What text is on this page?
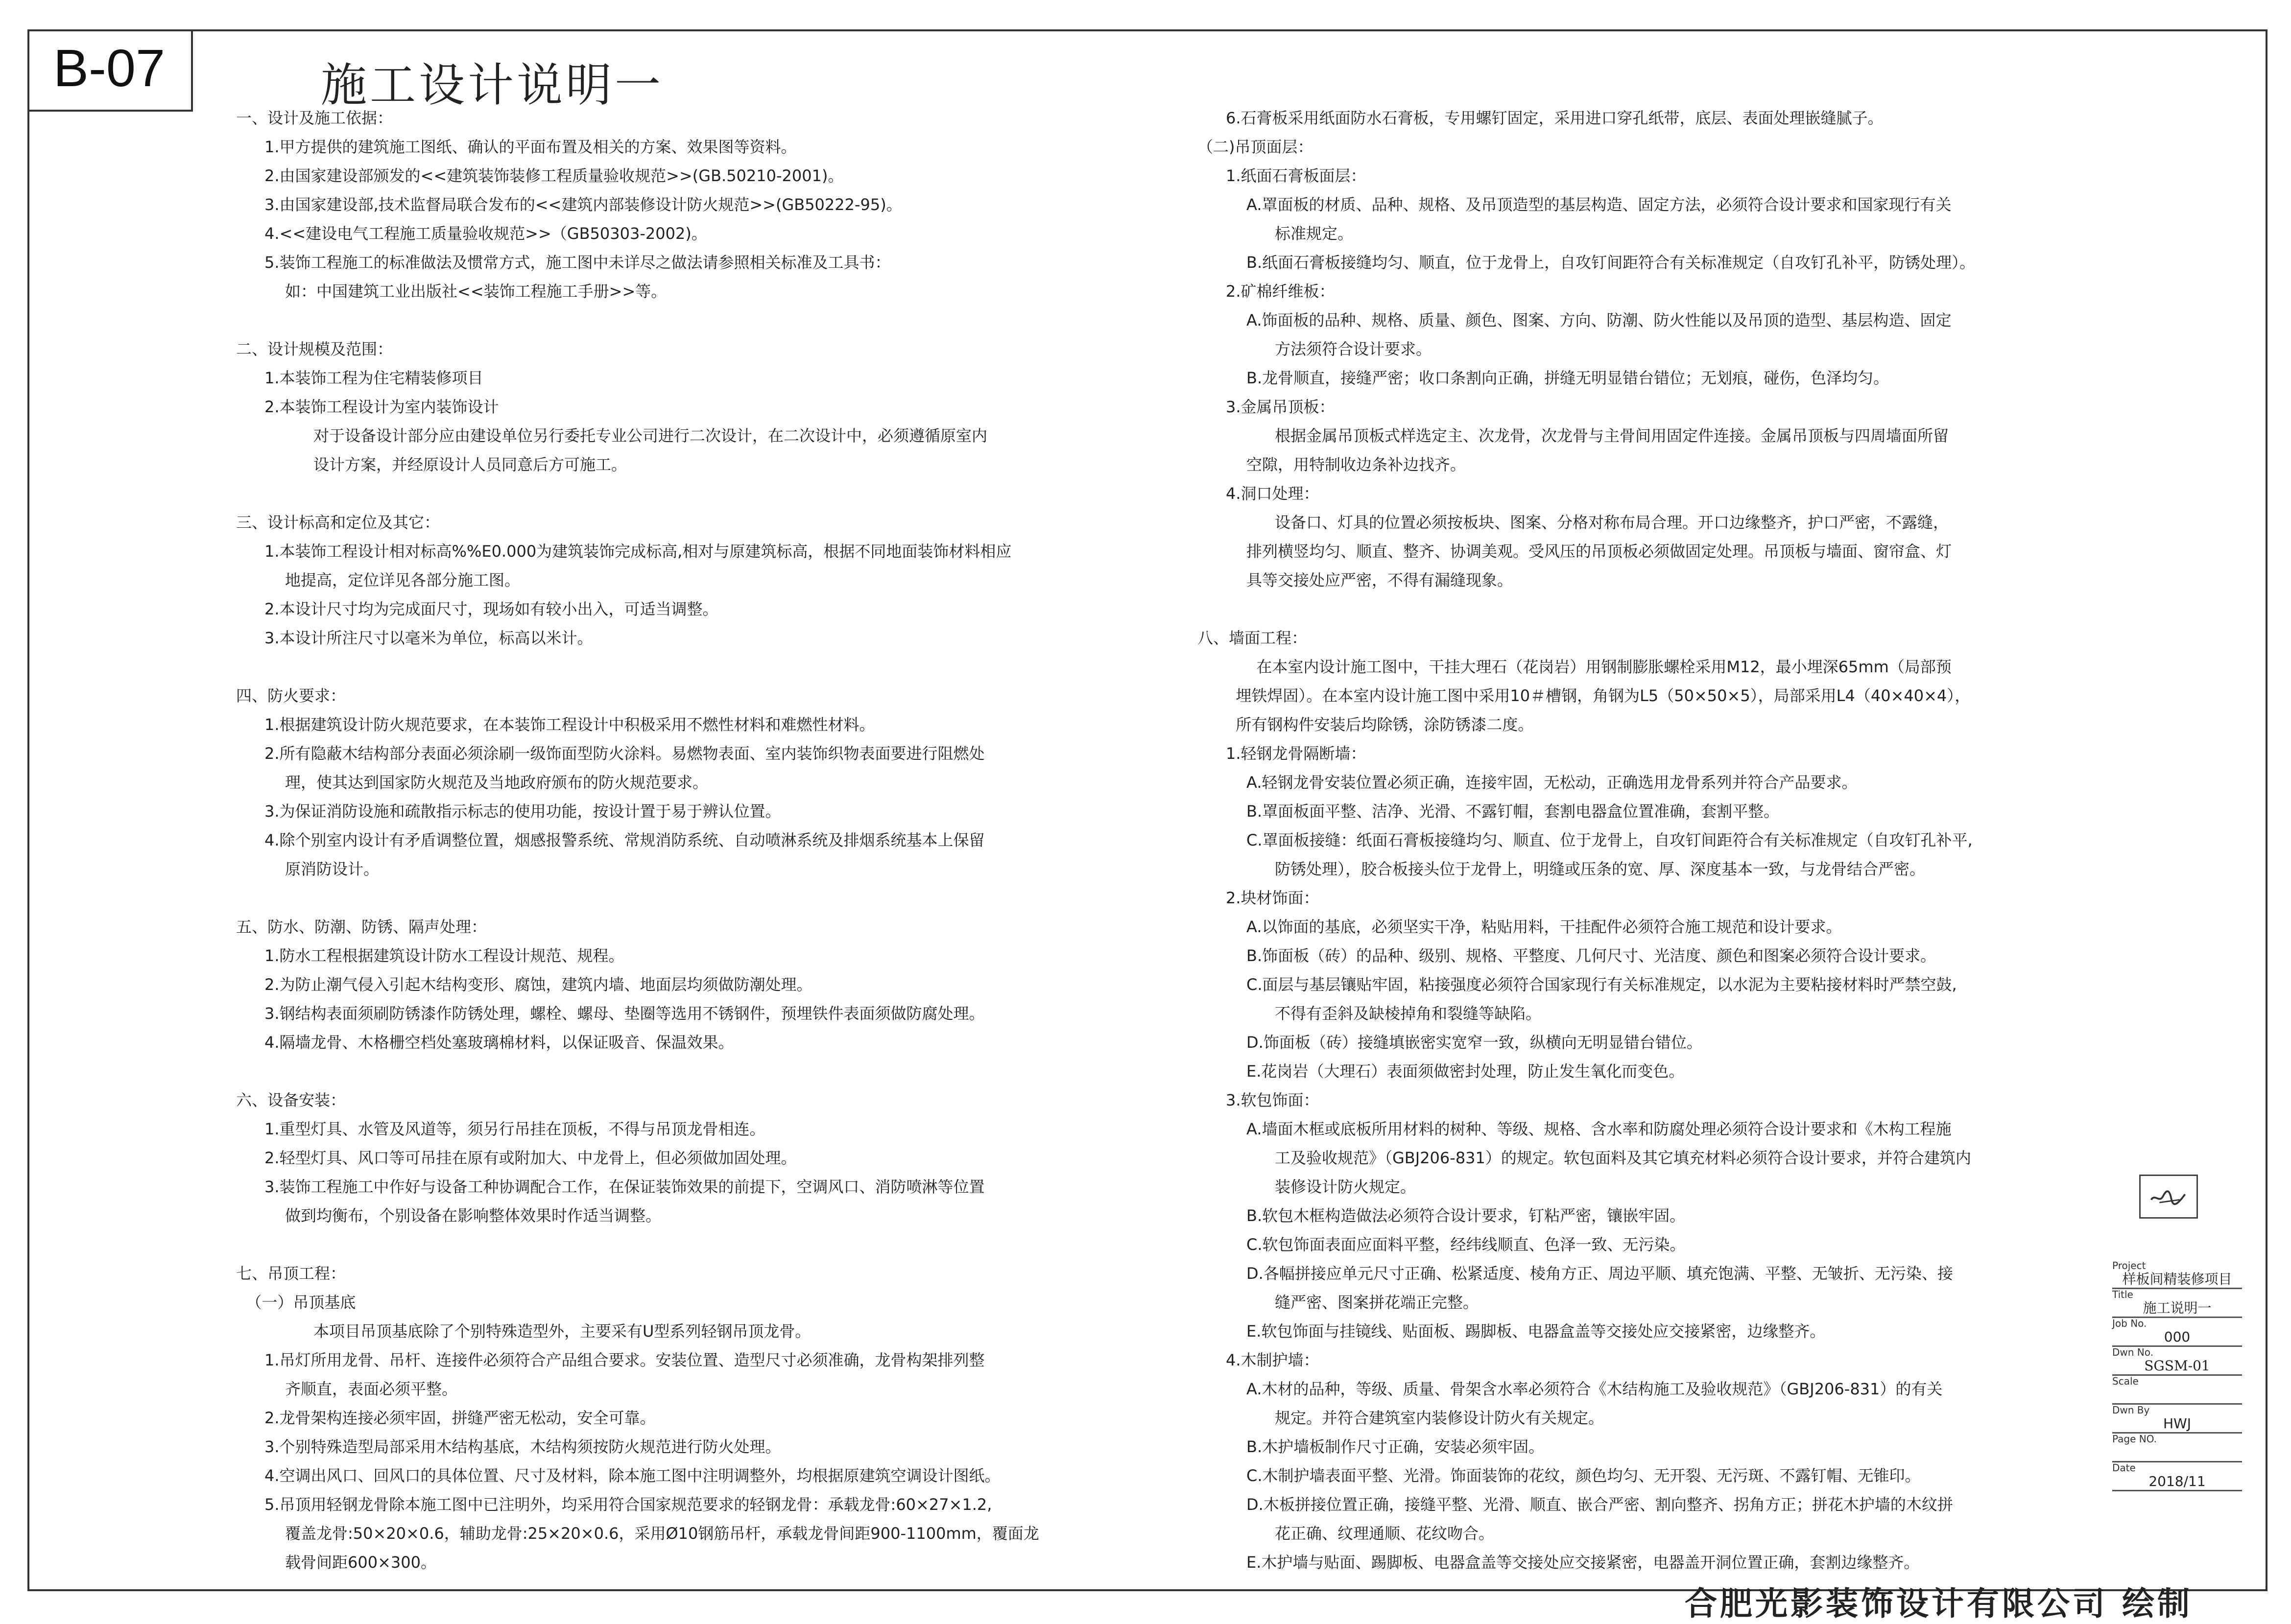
B-07	施工设计说明一

一、设计及施工依据：

1.甲方提供的建筑施工图纸、确认的平面布置及相关的方案、效果图等资料。

2.由国家建设部颁发的<<建筑装饰装修工程质量验收规范>>(GB.50210-2001)。

3.由国家建设部,技术监督局联合发布的<<建筑内部装修设计防火规范>>(GB50222-95)。

4.<<建设电气工程施工质量验收规范>>（GB50303-2002)。

5.装饰工程施工的标准做法及惯常方式，施工图中未详尽之做法请参照相关标准及工具书：

如：中国建筑工业出版社<<装饰工程施工手册>>等。

二、设计规模及范围：

1.本装饰工程为住宅精装修项目

2.本装饰工程设计为室内装饰设计

对于设备设计部分应由建设单位另行委托专业公司进行二次设计，在二次设计中，必须遵循原室内

设计方案，并经原设计人员同意后方可施工。

三、设计标高和定位及其它：

1.本装饰工程设计相对标高%%E0.000为建筑装饰完成标高,相对与原建筑标高，根据不同地面装饰材料相应

地提高，定位详见各部分施工图。

2.本设计尺寸均为完成面尺寸，现场如有较小出入，可适当调整。

3.本设计所注尺寸以毫米为单位，标高以米计。

四、防火要求：

1.根据建筑设计防火规范要求，在本装饰工程设计中积极采用不燃性材料和难燃性材料。

2.所有隐蔽木结构部分表面必须涂刷一级饰面型防火涂料。易燃物表面、室内装饰织物表面要进行阻燃处

理，使其达到国家防火规范及当地政府颁布的防火规范要求。

3.为保证消防设施和疏散指示标志的使用功能，按设计置于易于辨认位置。

4.除个别室内设计有矛盾调整位置，烟感报警系统、常规消防系统、自动喷淋系统及排烟系统基本上保留

原消防设计。

五、防水、防潮、防锈、隔声处理：

1.防水工程根据建筑设计防水工程设计规范、规程。

2.为防止潮气侵入引起木结构变形、腐蚀，建筑内墙、地面层均须做防潮处理。

3.钢结构表面须刷防锈漆作防锈处理，螺栓、螺母、垫圈等选用不锈钢件，预埋铁件表面须做防腐处理。

4.隔墙龙骨、木格栅空档处塞玻璃棉材料，以保证吸音、保温效果。

六、设备安装：

1.重型灯具、水管及风道等，须另行吊挂在顶板，不得与吊顶龙骨相连。

2.轻型灯具、风口等可吊挂在原有或附加大、中龙骨上，但必须做加固处理。

3.装饰工程施工中作好与设备工种协调配合工作，在保证装饰效果的前提下，空调风口、消防喷淋等位置

做到均衡布，个别设备在影响整体效果时作适当调整。

七、吊顶工程：

（一）吊顶基底

本项目吊顶基底除了个别特殊造型外，主要采有U型系列轻钢吊顶龙骨。

1.吊灯所用龙骨、吊杆、连接件必须符合产品组合要求。安装位置、造型尺寸必须准确，龙骨构架排列整

齐顺直，表面必须平整。

2.龙骨架构连接必须牢固，拼缝严密无松动，安全可靠。

3.个别特殊造型局部采用木结构基底，木结构须按防火规范进行防火处理。

4.空调出风口、回风口的具体位置、尺寸及材料，除本施工图中注明调整外，均根据原建筑空调设计图纸。

5.吊顶用轻钢龙骨除本施工图中已注明外，均采用符合国家规范要求的轻钢龙骨：承载龙骨:60×27×1.2,

覆盖龙骨:50×20×0.6，辅助龙骨:25×20×0.6，采用Ø10钢筋吊杆，承载龙骨间距900-1100mm，覆面龙

载骨间距600×300。

6.石膏板采用纸面防水石膏板，专用螺钉固定，采用进口穿孔纸带，底层、表面处理嵌缝腻子。

（二)吊顶面层：

1.纸面石膏板面层：

A.罩面板的材质、品种、规格、及吊顶造型的基层构造、固定方法，必须符合设计要求和国家现行有关

标准规定。

B.纸面石膏板接缝均匀、顺直，位于龙骨上，自攻钉间距符合有关标准规定（自攻钉孔补平，防锈处理）。

2.矿棉纤维板：

A.饰面板的品种、规格、质量、颜色、图案、方向、防潮、防火性能以及吊顶的造型、基层构造、固定

方法须符合设计要求。

B.龙骨顺直，接缝严密；收口条割向正确，拼缝无明显错台错位；无划痕，碰伤，色泽均匀。

3.金属吊顶板：

根据金属吊顶板式样选定主、次龙骨，次龙骨与主骨间用固定件连接。金属吊顶板与四周墙面所留

空隙，用特制收边条补边找齐。

4.洞口处理：

设备口、灯具的位置必须按板块、图案、分格对称布局合理。开口边缘整齐，护口严密，不露缝，

排列横竖均匀、顺直、整齐、协调美观。受风压的吊顶板必须做固定处理。吊顶板与墙面、窗帘盒、灯

具等交接处应严密，不得有漏缝现象。

八、墙面工程：

在本室内设计施工图中，干挂大理石（花岗岩）用钢制膨胀螺栓采用M12，最小埋深65mm（局部预

埋铁焊固）。在本室内设计施工图中采用10＃槽钢，角钢为L5（50×50×5），局部采用L4（40×40×4），

所有钢构件安装后均除锈，涂防锈漆二度。

1.轻钢龙骨隔断墙：

A.轻钢龙骨安装位置必须正确，连接牢固，无松动，正确选用龙骨系列并符合产品要求。

B.罩面板面平整、洁净、光滑、不露钉帽，套割电器盒位置准确，套割平整。

C.罩面板接缝：纸面石膏板接缝均匀、顺直、位于龙骨上，自攻钉间距符合有关标准规定（自攻钉孔补平,

防锈处理），胶合板接头位于龙骨上，明缝或压条的宽、厚、深度基本一致，与龙骨结合严密。

2.块材饰面：

A.以饰面的基底，必须坚实干净，粘贴用料，干挂配件必须符合施工规范和设计要求。

B.饰面板（砖）的品种、级别、规格、平整度、几何尺寸、光洁度、颜色和图案必须符合设计要求。

C.面层与基层镶贴牢固，粘接强度必须符合国家现行有关标准规定，以水泥为主要粘接材料时严禁空鼓,

不得有歪斜及缺棱掉角和裂缝等缺陷。

D.饰面板（砖）接缝填嵌密实宽窄一致，纵横向无明显错台错位。

E.花岗岩（大理石）表面须做密封处理，防止发生氧化而变色。

3.软包饰面：

A.墙面木框或底板所用材料的树种、等级、规格、含水率和防腐处理必须符合设计要求和《木构工程施

工及验收规范》（GBJ206-831）的规定。软包面料及其它填充材料必须符合设计要求，并符合建筑内

装修设计防火规定。

B.软包木框构造做法必须符合设计要求，钉粘严密，镶嵌牢固。

C.软包饰面表面应面料平整，经纬线顺直、色泽一致、无污染。

D.各幅拼接应单元尺寸正确、松紧适度、棱角方正、周边平顺、填充饱满、平整、无皱折、无污染、接

缝严密、图案拼花端正完整。

E.软包饰面与挂镜线、贴面板、踢脚板、电器盒盖等交接处应交接紧密，边缘整齐。

4.木制护墙：

A.木材的品种，等级、质量、骨架含水率必须符合《木结构施工及验收规范》（GBJ206-831）的有关

规定。并符合建筑室内装修设计防火有关规定。

B.木护墙板制作尺寸正确，安装必须牢固。

C.木制护墙表面平整、光滑。饰面装饰的花纹，颜色均匀、无开裂、无污斑、不露钉帽、无锥印。

D.木板拼接位置正确，接缝平整、光滑、顺直、嵌合严密、割向整齐、拐角方正；拼花木护墙的木纹拼

花正确、纹理通顺、花纹吻合。

E.木护墙与贴面、踢脚板、电器盒盖等交接处应交接紧密，电器盖开洞位置正确，套割边缘整齐。

Project
样板间精装修项目
Title
施工说明一
Job No.
000
Dwn No.
SGSM-01
Scale
Dwn By
HWJ
Page NO.
Date
2018/11
合肥光影装饰设计有限公司 绘制
